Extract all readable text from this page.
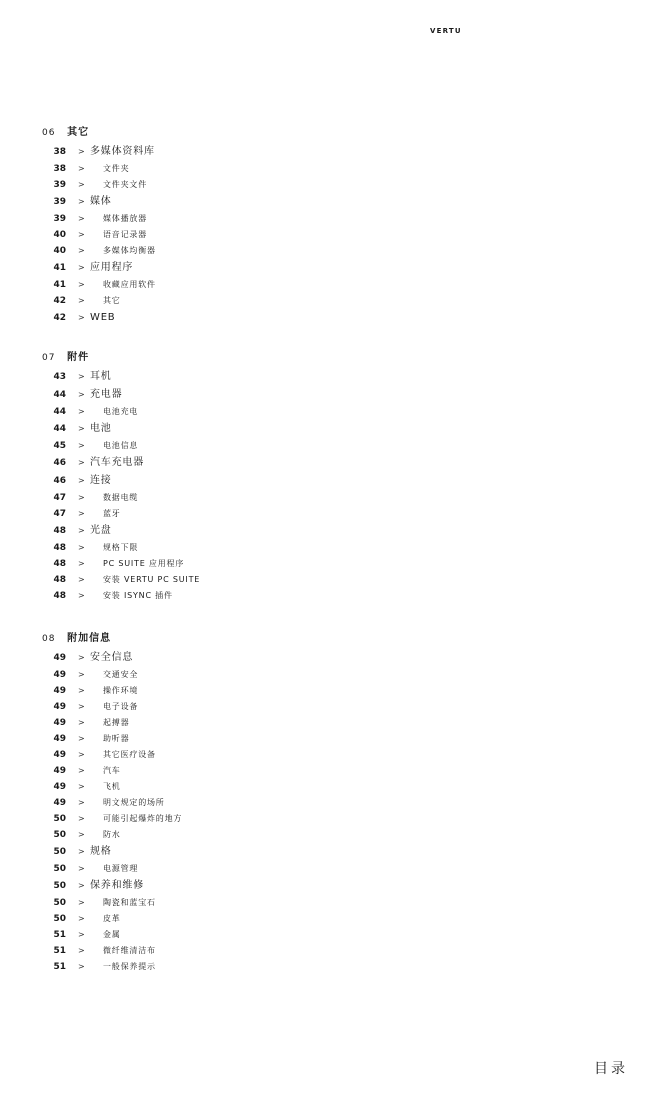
VERTU
06 其它
38 > 多媒体资料库
38 > 文件夹
39 > 文件夹文件
39 > 媒体
39 > 媒体播放器
40 > 语音记录器
40 > 多媒体均衡器
41 > 应用程序
41 > 收藏应用软件
42 > 其它
42 > WEB
07 附件
43 > 耳机
44 > 充电器
44 > 电池充电
44 > 电池
45 > 电池信息
46 > 汽车充电器
46 > 连接
47 > 数据电缆
47 > 蓝牙
48 > 光盘
48 > 规格下限
48 > PC SUITE 应用程序
48 > 安装 VERTU PC SUITE
48 > 安装 ISYNC 插件
08 附加信息
49 > 安全信息
49 > 交通安全
49 > 操作环境
49 > 电子设备
49 > 起搏器
49 > 助听器
49 > 其它医疗设备
49 > 汽车
49 > 飞机
49 > 明文规定的场所
50 > 可能引起爆炸的地方
50 > 防水
50 > 规格
50 > 电源管理
50 > 保养和维修
50 > 陶瓷和蓝宝石
50 > 皮革
51 > 金属
51 > 微纤维清洁布
51 > 一般保养提示
目录
